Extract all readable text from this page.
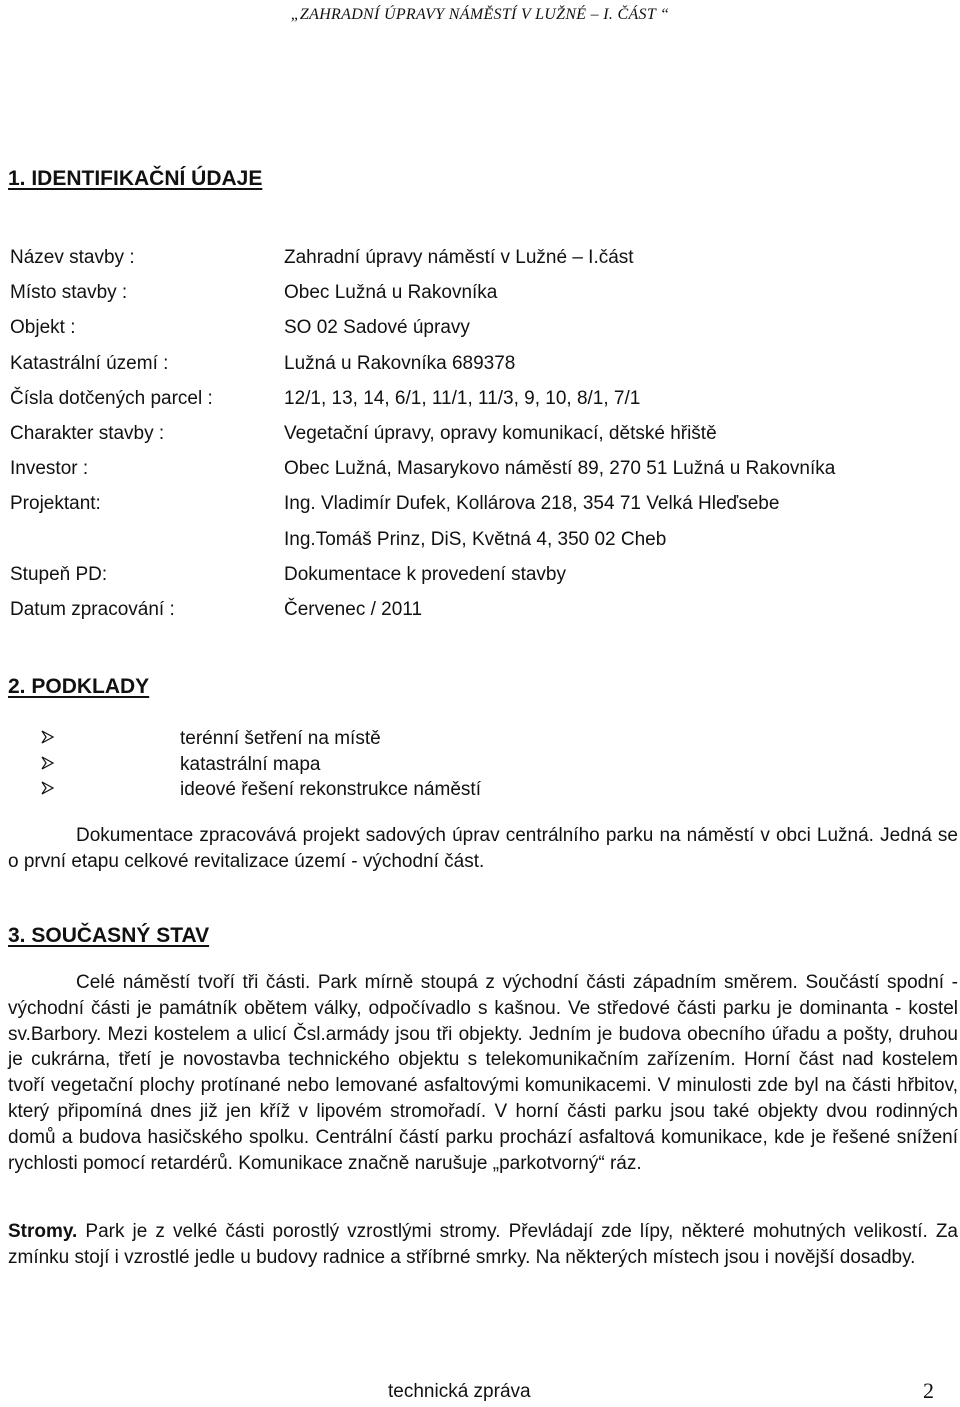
„ZAHRADNÍ ÚPRAVY NÁMĚSTÍ V LUŽNÉ – I. ČÁST “
1. IDENTIFIKAČNÍ ÚDAJE
Název stavby :	Zahradní úpravy náměstí v Lužné – I.část
Místo stavby :	Obec Lužná u Rakovníka
Objekt :	SO 02 Sadové úpravy
Katastrální území :	Lužná u Rakovníka 689378
Čísla dotčených parcel :	12/1, 13, 14, 6/1, 11/1, 11/3, 9, 10, 8/1, 7/1
Charakter stavby :	Vegetační úpravy, opravy komunikací, dětské hřiště
Investor :	Obec Lužná, Masarykovo náměstí 89, 270 51 Lužná u Rakovníka
Projektant:	Ing. Vladimír Dufek, Kollárova 218, 354 71 Velká Hleďsebe
Ing.Tomáš Prinz, DiS, Květná 4, 350 02 Cheb
Stupeň PD:	Dokumentace k provedení stavby
Datum zpracování :	Červenec / 2011
2. PODKLADY
terénní šetření na místě
katastrální mapa
ideové řešení rekonstrukce náměstí
Dokumentace zpracovává projekt sadových úprav centrálního parku na náměstí v obci Lužná. Jedná se o první etapu celkové revitalizace území - východní část.
3. SOUČASNÝ STAV
Celé náměstí tvoří tři části. Park mírně stoupá z východní části západním směrem. Součástí spodní - východní části je památník obětem války, odpočívadlo s kašnou. Ve středové části parku je dominanta - kostel sv.Barbory. Mezi kostelem a ulicí Čsl.armády jsou tři objekty. Jedním je budova obecního úřadu a pošty, druhou je cukrárna, třetí je novostavba technického objektu s telekomunikačním zařízením. Horní část nad kostelem tvoří vegetační plochy protínané nebo lemované asfaltovými komunikacemi. V minulosti zde byl na části hřbitov, který připomíná dnes již jen kříž v lipovém stromořadí. V horní části parku jsou také objekty dvou rodinných domů a budova hasičského spolku. Centrální částí parku prochází asfaltová komunikace, kde je řešené snížení rychlosti pomocí retardérů. Komunikace značně narušuje „parkotvorný“ ráz.
Stromy. Park je z velké části porostlý vzrostlými stromy. Převládají zde lípy, některé mohutných velikostí. Za zmínku stojí i vzrostlé jedle u budovy radnice a stříbrné smrky. Na některých místech jsou i novější dosadby.
technická zpráva	2
